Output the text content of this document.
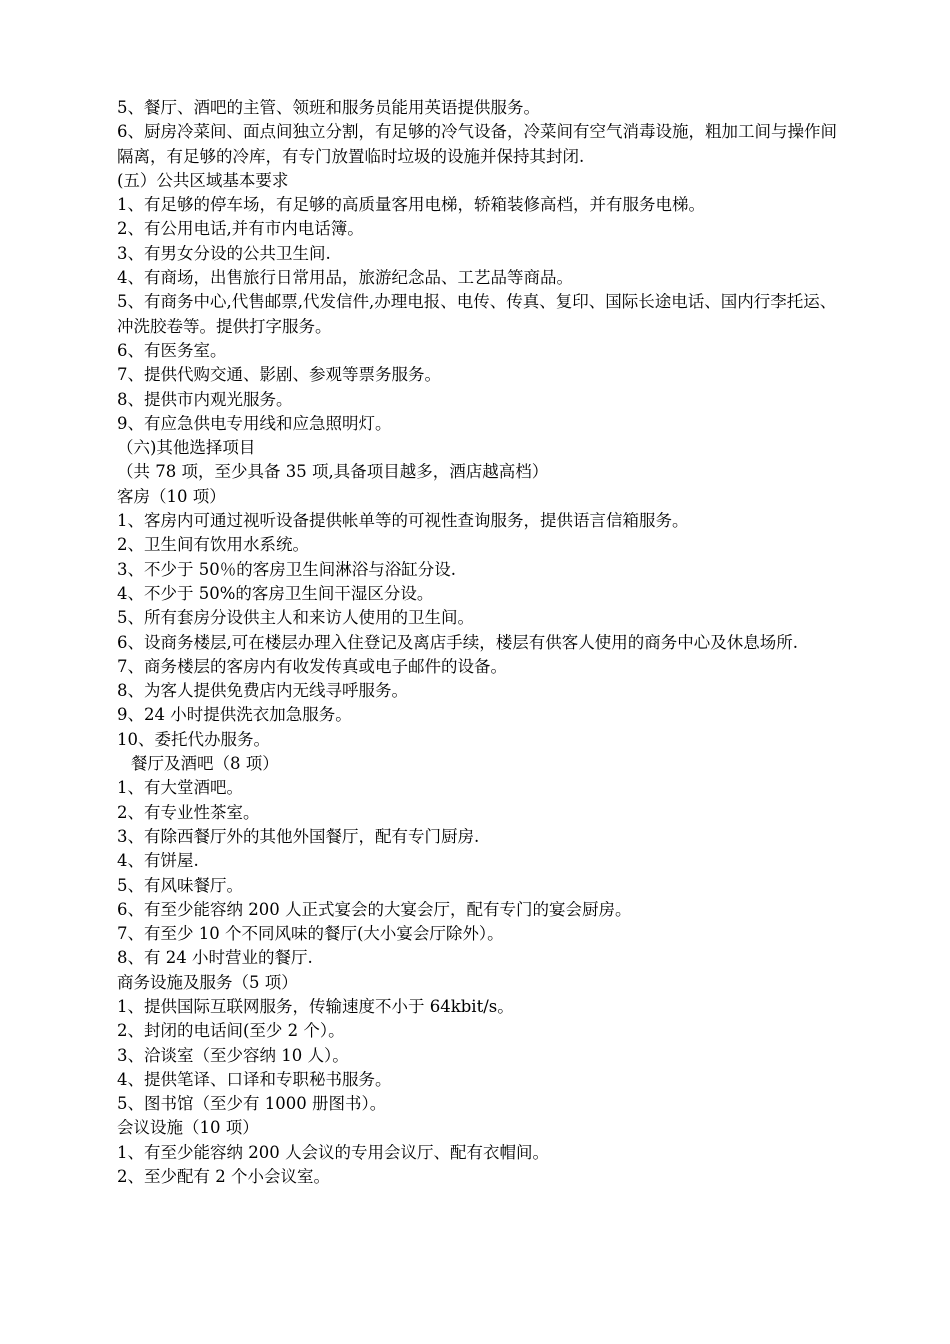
5、餐厅、酒吧的主管、领班和服务员能用英语提供服务。

6、厨房冷菜间、面点间独立分割，有足够的冷气设备，冷菜间有空气消毒设施，粗加工间与操作间隔离，有足够的冷库，有专门放置临时垃圾的设施并保持其封闭.

(五）公共区域基本要求

1、有足够的停车场，有足够的高质量客用电梯，轿箱装修高档，并有服务电梯。

2、有公用电话,并有市内电话簿。

3、有男女分设的公共卫生间.

4、有商场，出售旅行日常用品，旅游纪念品、工艺品等商品。

5、有商务中心,代售邮票,代发信件,办理电报、电传、传真、复印、国际长途电话、国内行李托运、冲洗胶卷等。提供打字服务。

6、有医务室。

7、提供代购交通、影剧、参观等票务服务。

8、提供市内观光服务。

9、有应急供电专用线和应急照明灯。

（六)其他选择项目

（共 78 项，至少具备 35 项,具备项目越多，酒店越高档）

客房（10 项）

1、客房内可通过视听设备提供帐单等的可视性查询服务，提供语言信箱服务。

2、卫生间有饮用水系统。

3、不少于 50％的客房卫生间淋浴与浴缸分设.

4、不少于 50%的客房卫生间干湿区分设。

5、所有套房分设供主人和来访人使用的卫生间。

6、设商务楼层,可在楼层办理入住登记及离店手续，楼层有供客人使用的商务中心及休息场所.

7、商务楼层的客房内有收发传真或电子邮件的设备。

8、为客人提供免费店内无线寻呼服务。

9、24 小时提供洗衣加急服务。

10、委托代办服务。

餐厅及酒吧（8 项）

1、有大堂酒吧。

2、有专业性茶室。

3、有除西餐厅外的其他外国餐厅，配有专门厨房.

4、有饼屋.

5、有风味餐厅。

6、有至少能容纳 200 人正式宴会的大宴会厅，配有专门的宴会厨房。

7、有至少 10 个不同风味的餐厅(大小宴会厅除外）。

8、有 24 小时营业的餐厅.

商务设施及服务（5 项）

1、提供国际互联网服务，传输速度不小于 64kbit/s。

2、封闭的电话间(至少 2 个）。

3、洽谈室（至少容纳 10 人）。

4、提供笔译、口译和专职秘书服务。

5、图书馆（至少有 1000 册图书）。

会议设施（10 项）

1、有至少能容纳 200 人会议的专用会议厅、配有衣帽间。

2、至少配有 2 个小会议室。
